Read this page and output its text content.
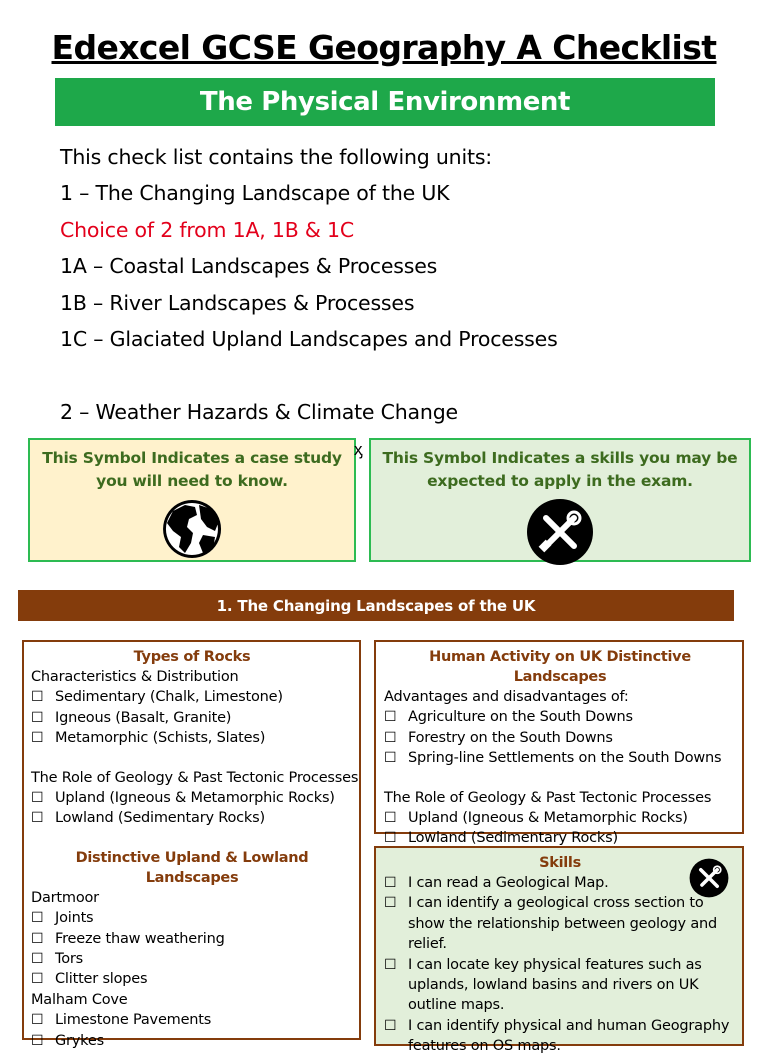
Edexcel GCSE Geography A Checklist
The Physical Environment
This check list contains the following units:
1 – The Changing Landscape of the UK
Choice of 2 from 1A, 1B & 1C
1A – Coastal Landscapes & Processes
1B – River Landscapes & Processes
1C – Glaciated Upland Landscapes and Processes
2 – Weather Hazards & Climate Change
This Symbol Indicates a case study you will need to know.
ᶍ	This Symbol Indicates a skills you may be expected to apply in the exam.
1. The Changing Landscapes of the UK
Types of Rocks
Characteristics & Distribution
☐ Sedimentary (Chalk, Limestone)
☐ Igneous (Basalt, Granite)
☐ Metamorphic (Schists, Slates)
The Role of Geology & Past Tectonic Processes
☐ Upland (Igneous & Metamorphic Rocks)
☐ Lowland (Sedimentary Rocks)
Distinctive Upland & Lowland Landscapes
Dartmoor
☐ Joints
☐ Freeze thaw weathering
☐ Tors
☐ Clitter slopes
Malham Cove
☐ Limestone Pavements
☐ Grykes
Human Activity on UK Distinctive Landscapes
Advantages and disadvantages of:
☐ Agriculture on the South Downs
☐ Forestry on the South Downs
☐ Spring-line Settlements on the South Downs
The Role of Geology & Past Tectonic Processes
☐ Upland (Igneous & Metamorphic Rocks)
☐ Lowland (Sedimentary Rocks)
Skills
☐ I can read a Geological Map.
☐ I can identify a geological cross section to show the relationship between geology and relief.
☐ I can locate key physical features such as uplands, lowland basins and rivers on UK outline maps.
☐ I can identify physical and human Geography features on OS maps.
